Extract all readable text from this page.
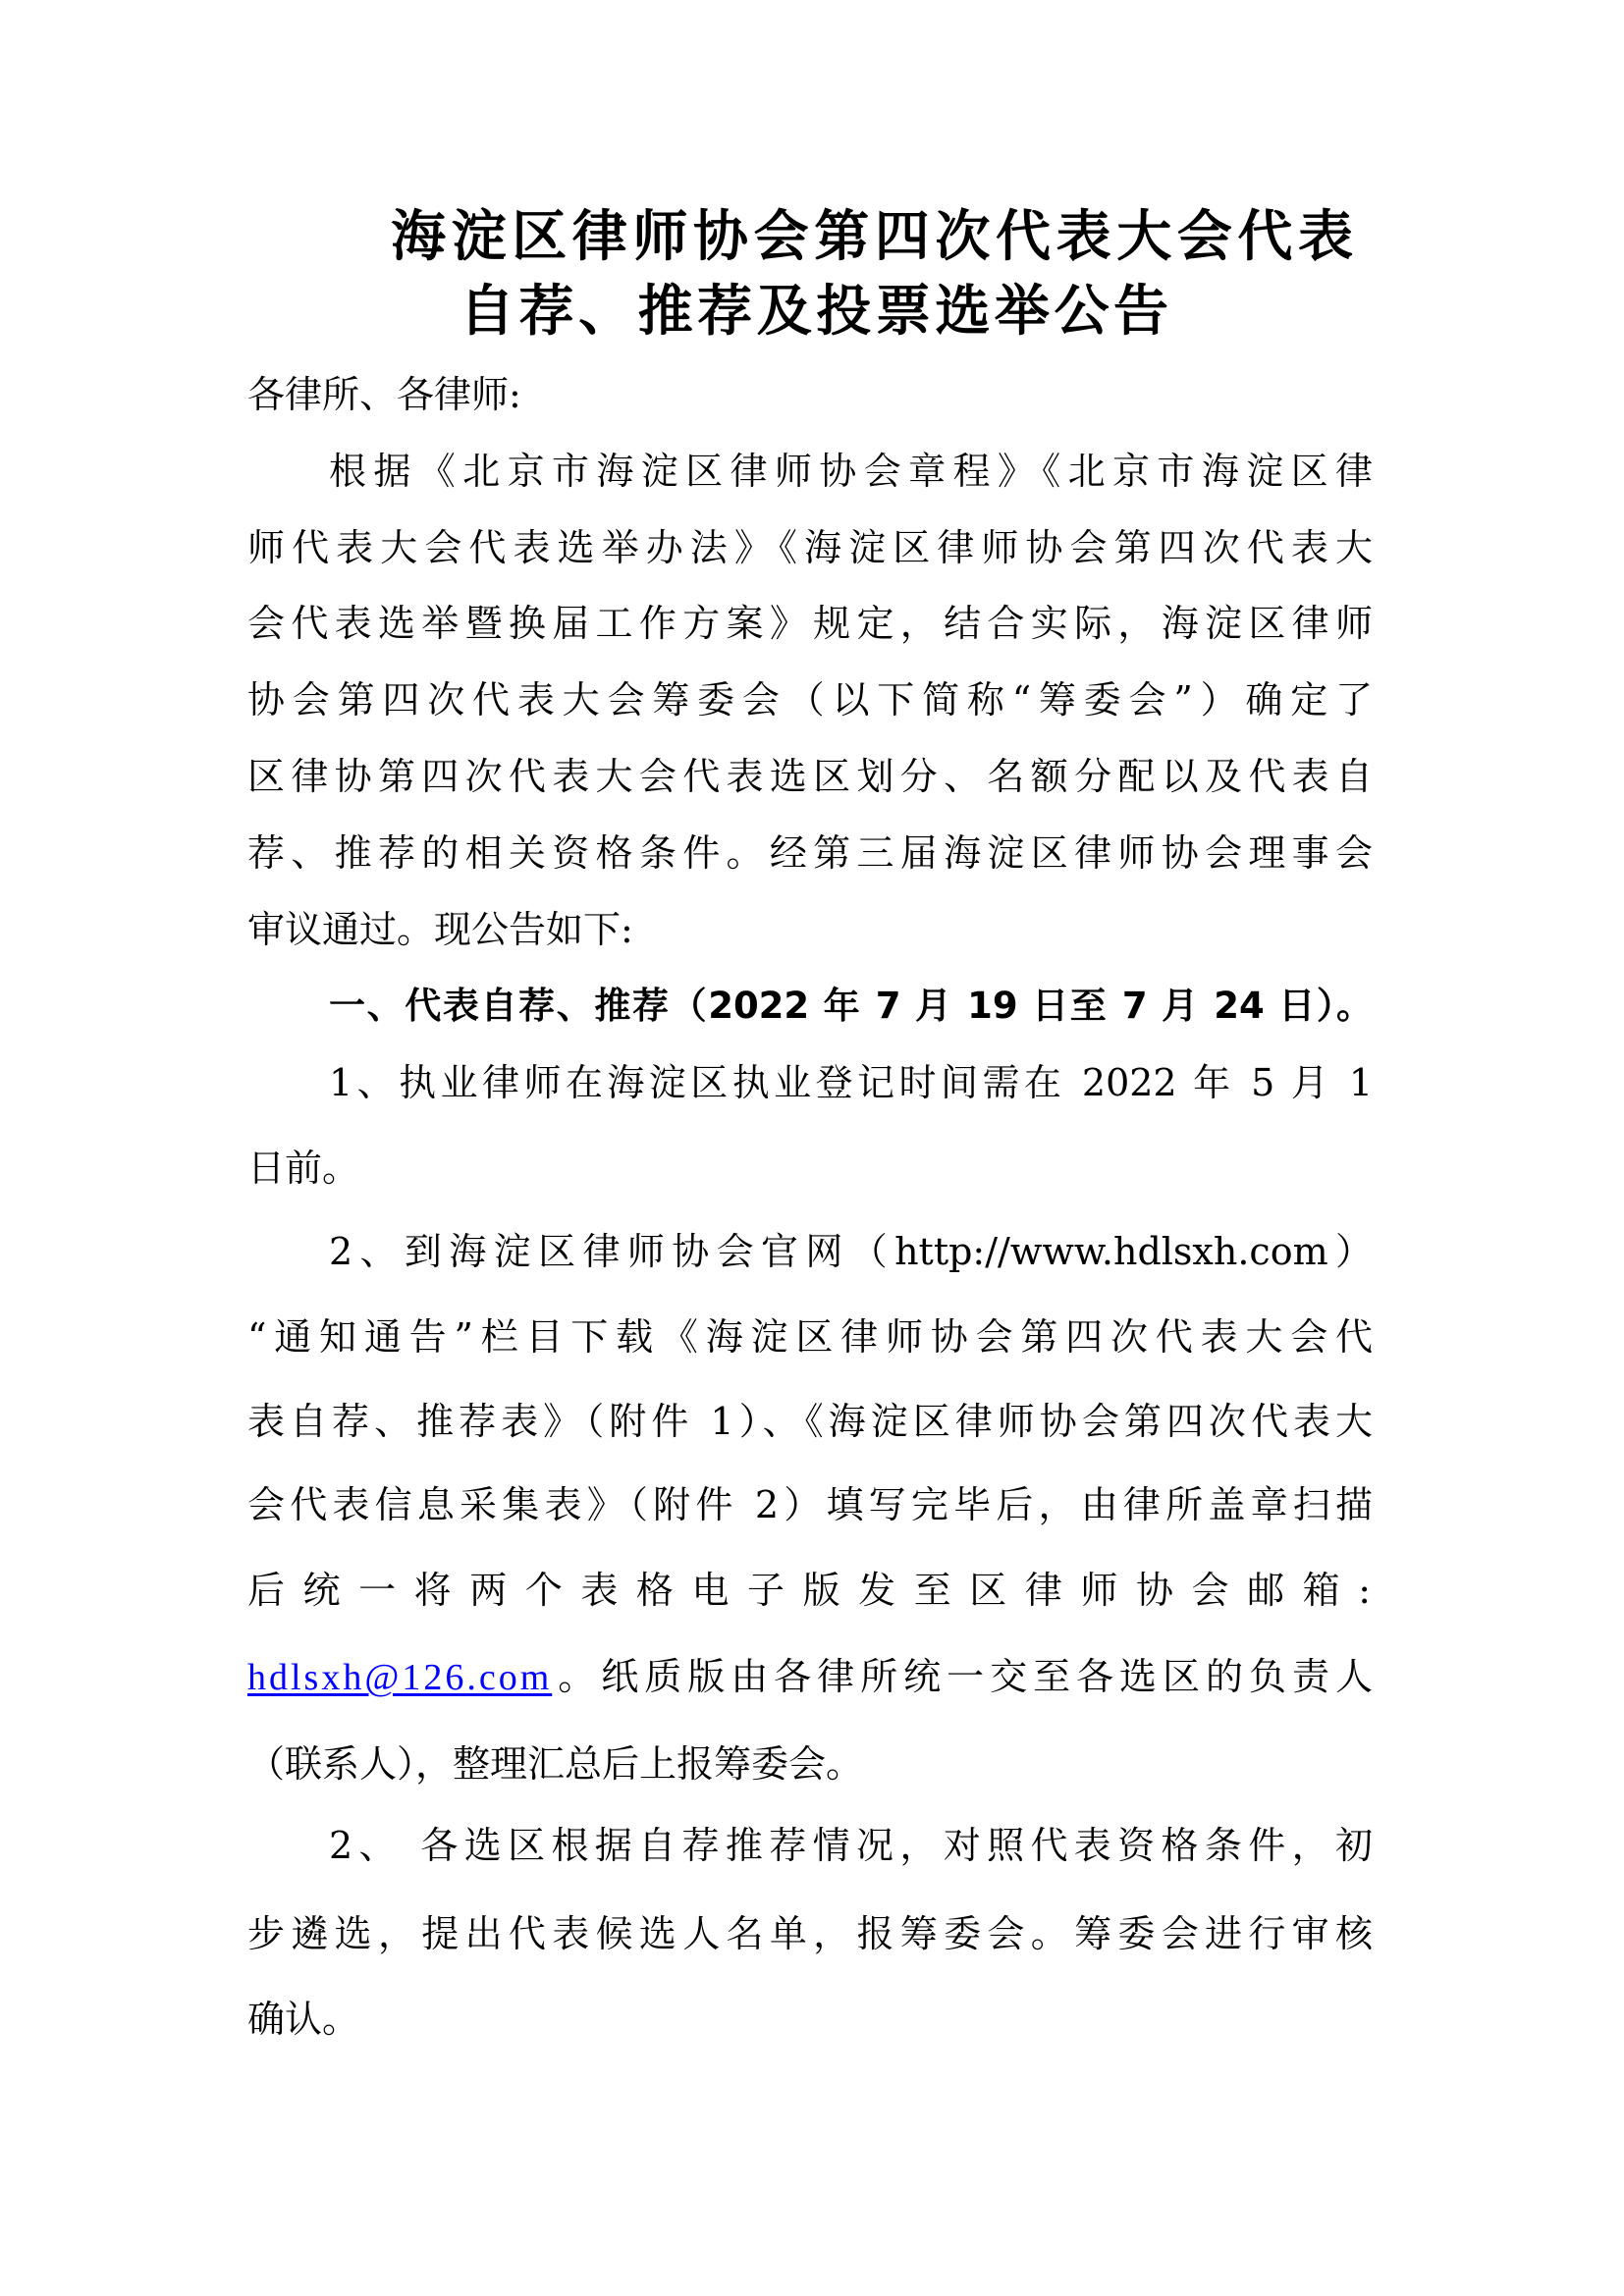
海淀区律师协会第四次代表大会代表
自荐、推荐及投票选举公告
各律所、各律师:
根据《北京市海淀区律师协会章程》《北京市海淀区律
师代表大会代表选举办法》《海淀区律师协会第四次代表大
会代表选举暨换届工作方案》规定，结合实际，海淀区律师
协会第四次代表大会筹委会（以下简称“筹委会”）确定了
区律协第四次代表大会代表选区划分、名额分配以及代表自
荐、推荐的相关资格条件。经第三届海淀区律师协会理事会
审议通过。现公告如下:
一、代表自荐、推荐（2022 年 7 月 19 日至 7 月 24 日）。
1、执业律师在海淀区执业登记时间需在 2022 年 5 月 1
日前。
2、到海淀区律师协会官网（http://www.hdlsxh.com）
“通知通告”栏目下载《海淀区律师协会第四次代表大会代
表自荐、推荐表》（附件 1）、《海淀区律师协会第四次代表大
会代表信息采集表》（附件 2）填写完毕后，由律所盖章扫描
后统一将两个表格电子版发至区律师协会邮箱:
hdlsxh@126.com。纸质版由各律所统一交至各选区的负责人
（联系人），整理汇总后上报筹委会。
2、 各选区根据自荐推荐情况，对照代表资格条件，初
步遴选，提出代表候选人名单，报筹委会。筹委会进行审核
确认。
